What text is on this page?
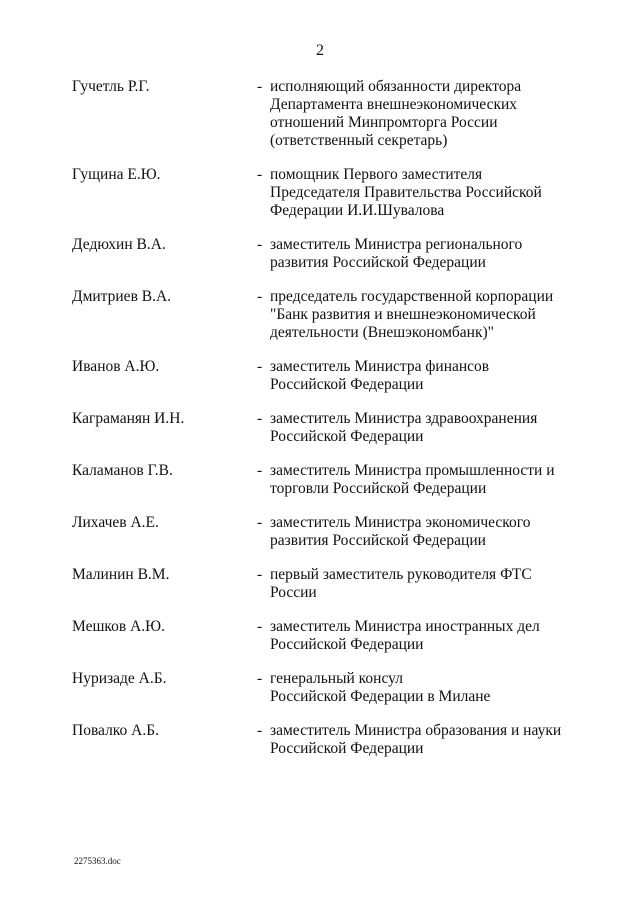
2
Гучетль Р.Г.	- исполняющий обязанности директора
Департамента внешнеэкономических
отношений Минпромторга России
(ответственный секретарь)
Гущина Е.Ю.	- помощник Первого заместителя
Председателя Правительства Российской
Федерации И.И.Шувалова
Дедюхин В.А.	- заместитель Министра регионального
развития Российской Федерации
Дмитриев В.А.	- председатель государственной корпорации
"Банк развития и внешнеэкономической
деятельности (Внешэкономбанк)"
Иванов А.Ю.	- заместитель Министра финансов
Российской Федерации
Каграманян И.Н.	- заместитель Министра здравоохранения
Российской Федерации
Каламанов Г.В.	- заместитель Министра промышленности и
торговли Российской Федерации
Лихачев А.Е.	- заместитель Министра экономического
развития Российской Федерации
Малинин В.М.	- первый заместитель руководителя ФТС
России
Мешков А.Ю.	- заместитель Министра иностранных дел
Российской Федерации
Нуризаде А.Б.	- генеральный консул
Российской Федерации в Милане
Повалко А.Б.	- заместитель Министра образования и науки
Российской Федерации
2275363.doc
